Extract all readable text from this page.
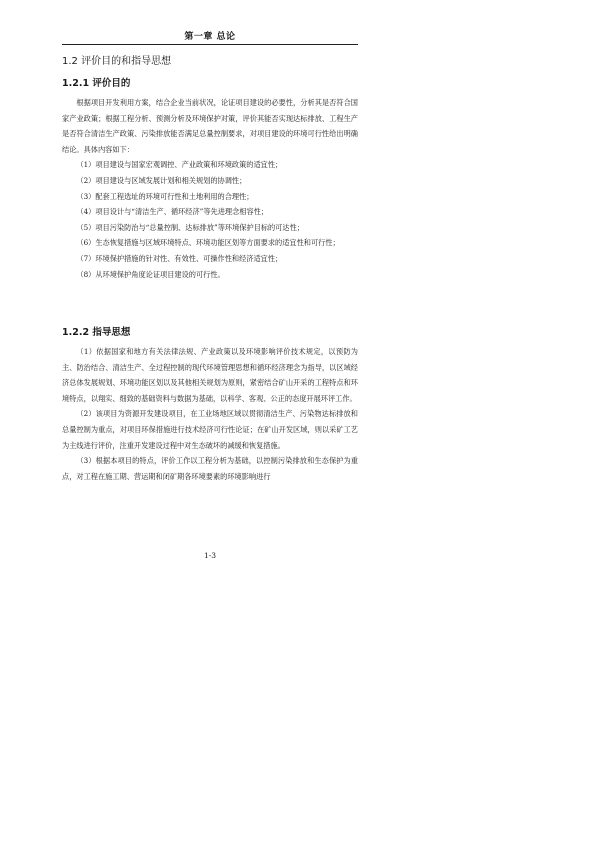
第一章 总论
1.2 评价目的和指导思想
1.2.1 评价目的

根据项目开发利用方案，结合企业当前状况，论证项目建设的必要性，分析其是否符合国家产业政策；根据工程分析、预测分析及环境保护对策，评价其能否实现达标排放、工程生产是否符合清洁生产政策、污染排放能否满足总量控制要求，对项目建设的环境可行性给出明确结论。具体内容如下：

（1）项目建设与国家宏观调控、产业政策和环境政策的适宜性；

（2）项目建设与区域发展计划和相关规划的协调性；

（3）配套工程选址的环境可行性和土地利用的合理性；

（4）项目设计与“清洁生产、循环经济”等先进理念相容性；

（5）项目污染防治与“总量控制、达标排放”等环境保护目标的可达性；

（6）生态恢复措施与区域环境特点、环境功能区划等方面要求的适宜性和可行性；

（7）环境保护措施的针对性、有效性、可操作性和经济适宜性；

（8）从环境保护角度论证项目建设的可行性。

1.2.2 指导思想

（1）依据国家和地方有关法律法规、产业政策以及环境影响评价技术规定，以预防为主、防治结合、清洁生产、全过程控制的现代环境管理思想和循环经济理念为指导，以区域经济总体发展规划、环境功能区划以及其他相关规划为原则，紧密结合矿山开采的工程特点和环境特点，以翔实、细致的基础资料与数据为基础，以科学、客观、公正的态度开展环评工作。

（2）该项目为资源开发建设项目，在工业场地区域以贯彻清洁生产、污染物达标排放和总量控制为重点，对项目环保措施进行技术经济可行性论证；在矿山开发区域，则以采矿工艺为主线进行评价，注重开发建设过程中对生态破坏的减缓和恢复措施。

（3）根据本项目的特点，评价工作以工程分析为基础，以控制污染排放和生态保护为重点，对工程在施工期、营运期和闭矿期各环境要素的环境影响进行

1-3
